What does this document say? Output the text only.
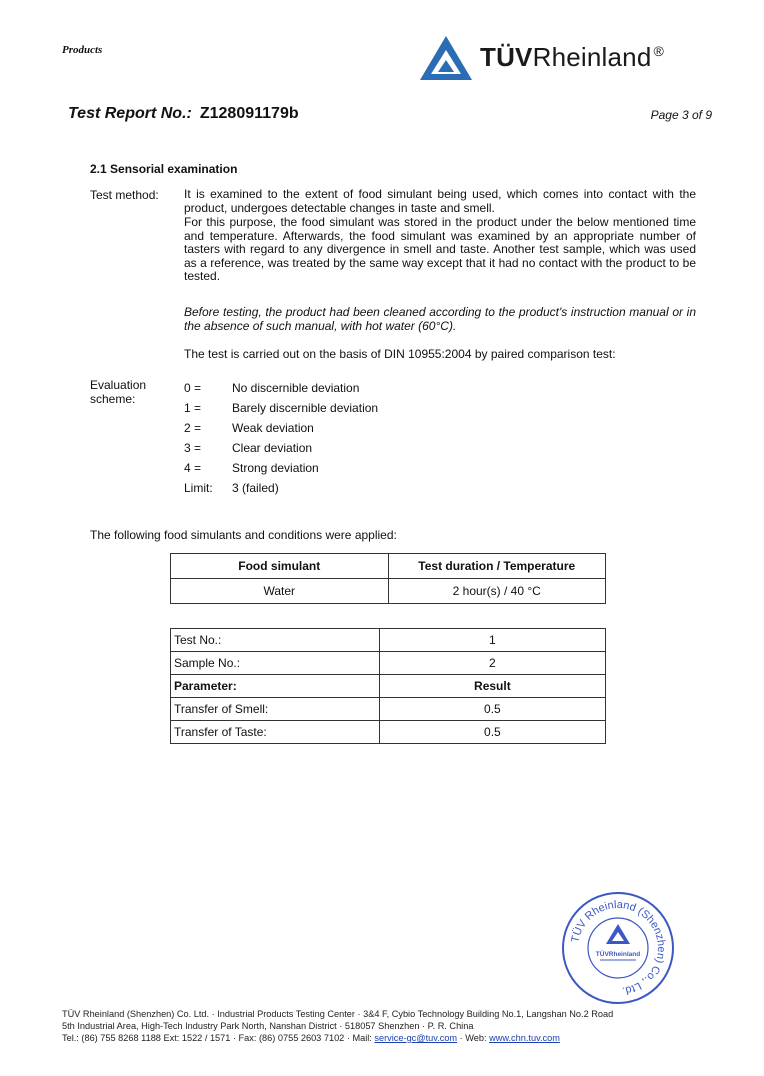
Products	TÜVRheinland ®
Test Report No.: Z128091179b	Page 3 of 9
2.1 Sensorial examination
Test method: It is examined to the extent of food simulant being used, which comes into contact with the product, undergoes detectable changes in taste and smell.
For this purpose, the food simulant was stored in the product under the below mentioned time and temperature. Afterwards, the food simulant was examined by an appropriate number of tasters with regard to any divergence in smell and taste. Another test sample, which was used as a reference, was treated by the same way except that it had no contact with the product to be tested.
Before testing, the product had been cleaned according to the product's instruction manual or in the absence of such manual, with hot water (60°C).
The test is carried out on the basis of DIN 10955:2004 by paired comparison test:
Evaluation
scheme:
0 =	No discernible deviation
1 =	Barely discernible deviation
2 =	Weak deviation
3 =	Clear deviation
4 =	Strong deviation
Limit:	3 (failed)
The following food simulants and conditions were applied:
Food simulant	Test duration / Temperature
Water	2 hour(s) / 40 °C
Test No.:	1
Sample No.:	2
Parameter:	Result
Transfer of Smell:	0.5
Transfer of Taste:	0.5
TÜV Rheinland (Shenzhen) Co., Ltd.
TÜVRheinland
TÜV Rheinland (Shenzhen) Co. Ltd. · Industrial Products Testing Center · 3&4 F, Cybio Technology Building No.1, Langshan No.2 Road
5th Industrial Area, High-Tech Industry Park North, Nanshan District · 518057 Shenzhen · P. R. China
Tel.: (86) 755 8268 1188 Ext: 1522 / 1571 · Fax: (86) 0755 2603 7102 · Mail: service-gc@tuv.com · Web: www.chn.tuv.com
